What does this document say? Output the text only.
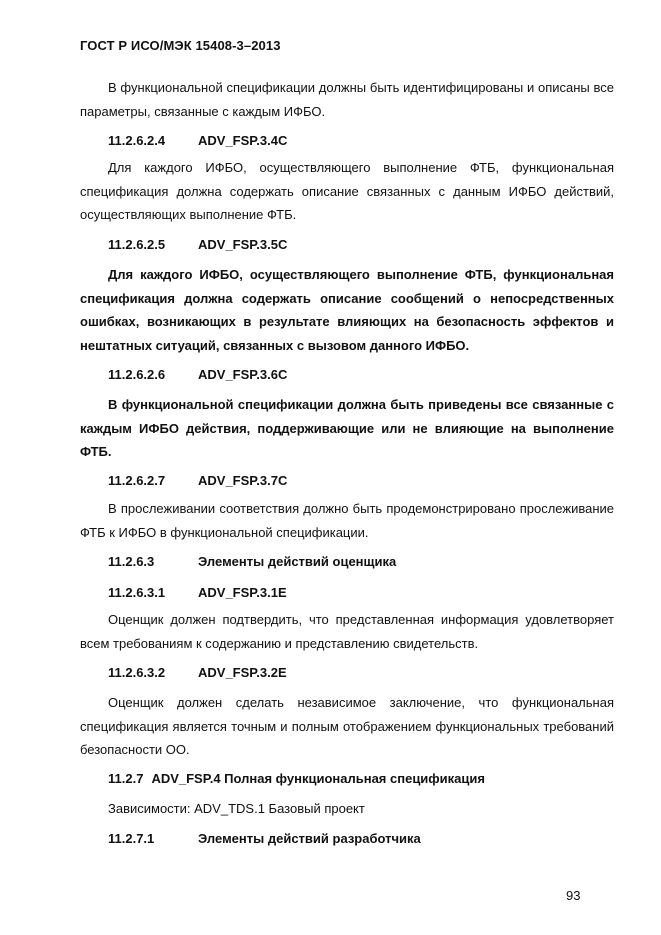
ГОСТ Р ИСО/МЭК 15408-3–2013
В функциональной спецификации должны быть идентифицированы и описаны все параметры, связанные с каждым ИФБО.
11.2.6.2.4	ADV_FSP.3.4C
Для каждого ИФБО, осуществляющего выполнение ФТБ, функциональная спецификация должна содержать описание связанных с данным ИФБО действий, осуществляющих выполнение ФТБ.
11.2.6.2.5	ADV_FSP.3.5C
Для каждого ИФБО, осуществляющего выполнение ФТБ, функциональная спецификация должна содержать описание сообщений о непосредственных ошибках, возникающих в результате влияющих на безопасность эффектов и нештатных ситуаций, связанных с вызовом данного ИФБО.
11.2.6.2.6	ADV_FSP.3.6C
В функциональной спецификации должна быть приведены все связанные с каждым ИФБО действия, поддерживающие или не влияющие на выполнение ФТБ.
11.2.6.2.7	ADV_FSP.3.7C
В прослеживании соответствия должно быть продемонстрировано прослеживание ФТБ к ИФБО в функциональной спецификации.
11.2.6.3	Элементы действий оценщика
11.2.6.3.1	ADV_FSP.3.1E
Оценщик должен подтвердить, что представленная информация удовлетворяет всем требованиям к содержанию и представлению свидетельств.
11.2.6.3.2	ADV_FSP.3.2E
Оценщик должен сделать независимое заключение, что функциональная спецификация является точным и полным отображением функциональных требований безопасности ОО.
11.2.7 ADV_FSP.4 Полная функциональная спецификация
Зависимости: ADV_TDS.1 Базовый проект
11.2.7.1	Элементы действий разработчика
93
